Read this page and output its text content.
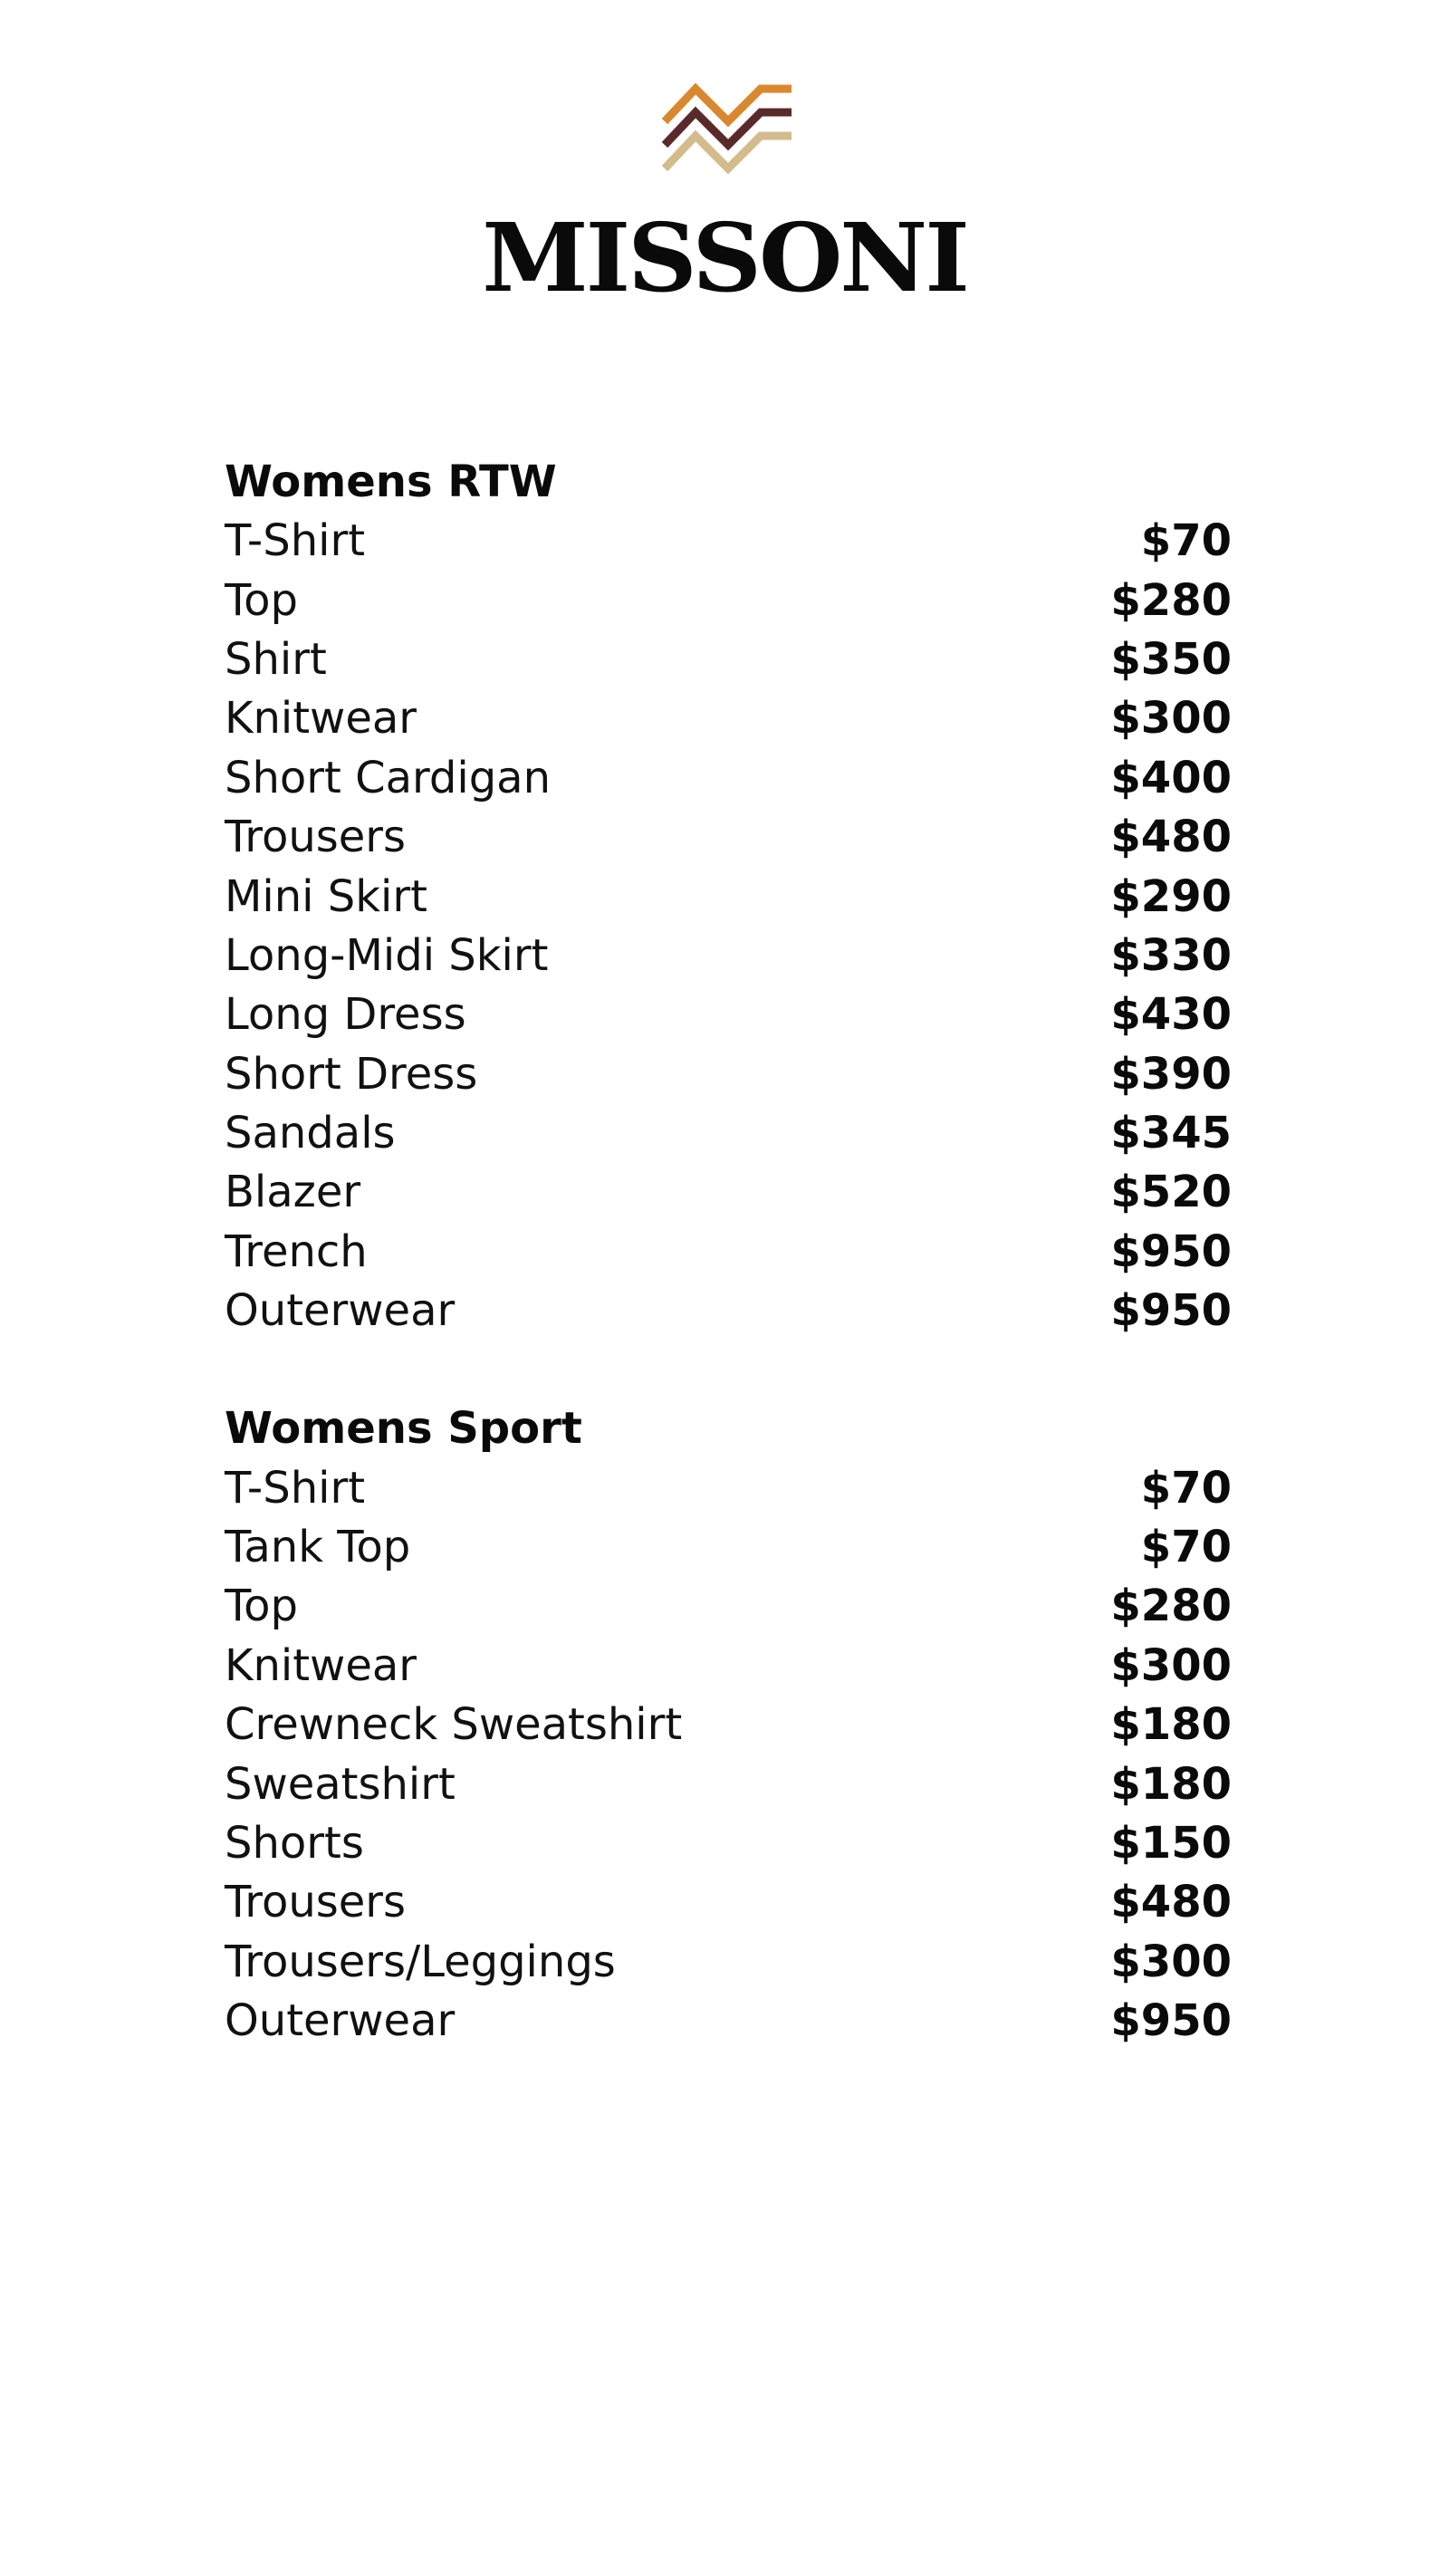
MISSONI
Womens RTW
T-Shirt	$70
Top	$280
Shirt	$350
Knitwear	$300
Short Cardigan	$400
Trousers	$480
Mini Skirt	$290
Long-Midi Skirt	$330
Long Dress	$430
Short Dress	$390
Sandals	$345
Blazer	$520
Trench	$950
Outerwear	$950
Womens Sport
T-Shirt	$70
Tank Top	$70
Top	$280
Knitwear	$300
Crewneck Sweatshirt	$180
Sweatshirt	$180
Shorts	$150
Trousers	$480
Trousers/Leggings	$300
Outerwear	$950
